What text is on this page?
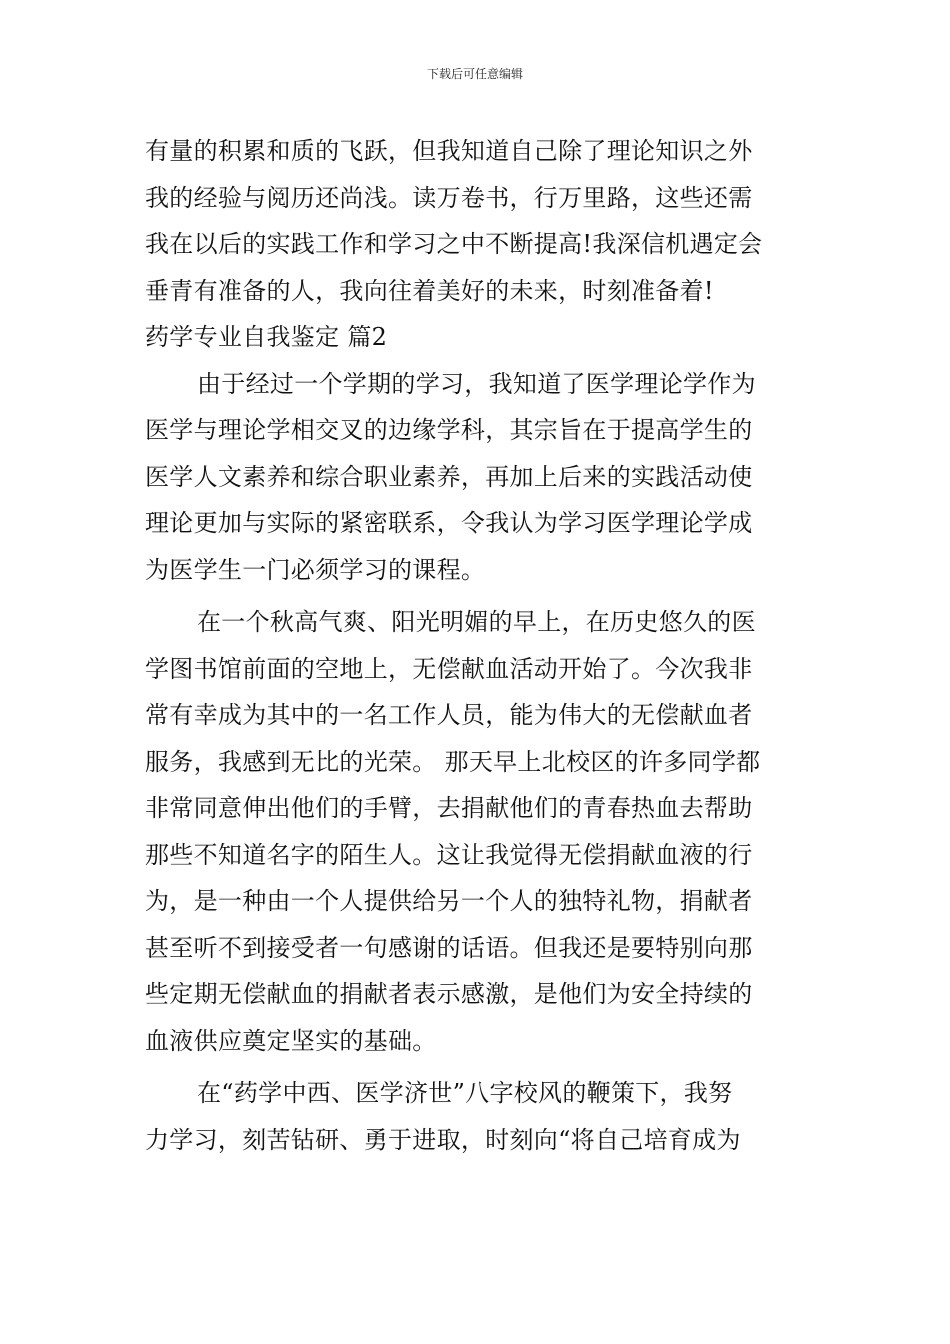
下载后可任意编辑
有量的积累和质的飞跃，但我知道自己除了理论知识之外
我的经验与阅历还尚浅。读万卷书，行万里路，这些还需
我在以后的实践工作和学习之中不断提高!我深信机遇定会
垂青有准备的人，我向往着美好的未来，时刻准备着!
药学专业自我鉴定 篇2
由于经过一个学期的学习，我知道了医学理论学作为
医学与理论学相交叉的边缘学科，其宗旨在于提高学生的
医学人文素养和综合职业素养，再加上后来的实践活动使
理论更加与实际的紧密联系，令我认为学习医学理论学成
为医学生一门必须学习的课程。
在一个秋高气爽、阳光明媚的早上，在历史悠久的医
学图书馆前面的空地上，无偿献血活动开始了。今次我非
常有幸成为其中的一名工作人员，能为伟大的无偿献血者
服务，我感到无比的光荣。 那天早上北校区的许多同学都
非常同意伸出他们的手臂，去捐献他们的青春热血去帮助
那些不知道名字的陌生人。这让我觉得无偿捐献血液的行
为，是一种由一个人提供给另一个人的独特礼物，捐献者
甚至听不到接受者一句感谢的话语。但我还是要特别向那
些定期无偿献血的捐献者表示感激，是他们为安全持续的
血液供应奠定坚实的基础。
在“药学中西、医学济世”八字校风的鞭策下，我努
力学习，刻苦钻研、勇于进取，时刻向“将自己培育成为
